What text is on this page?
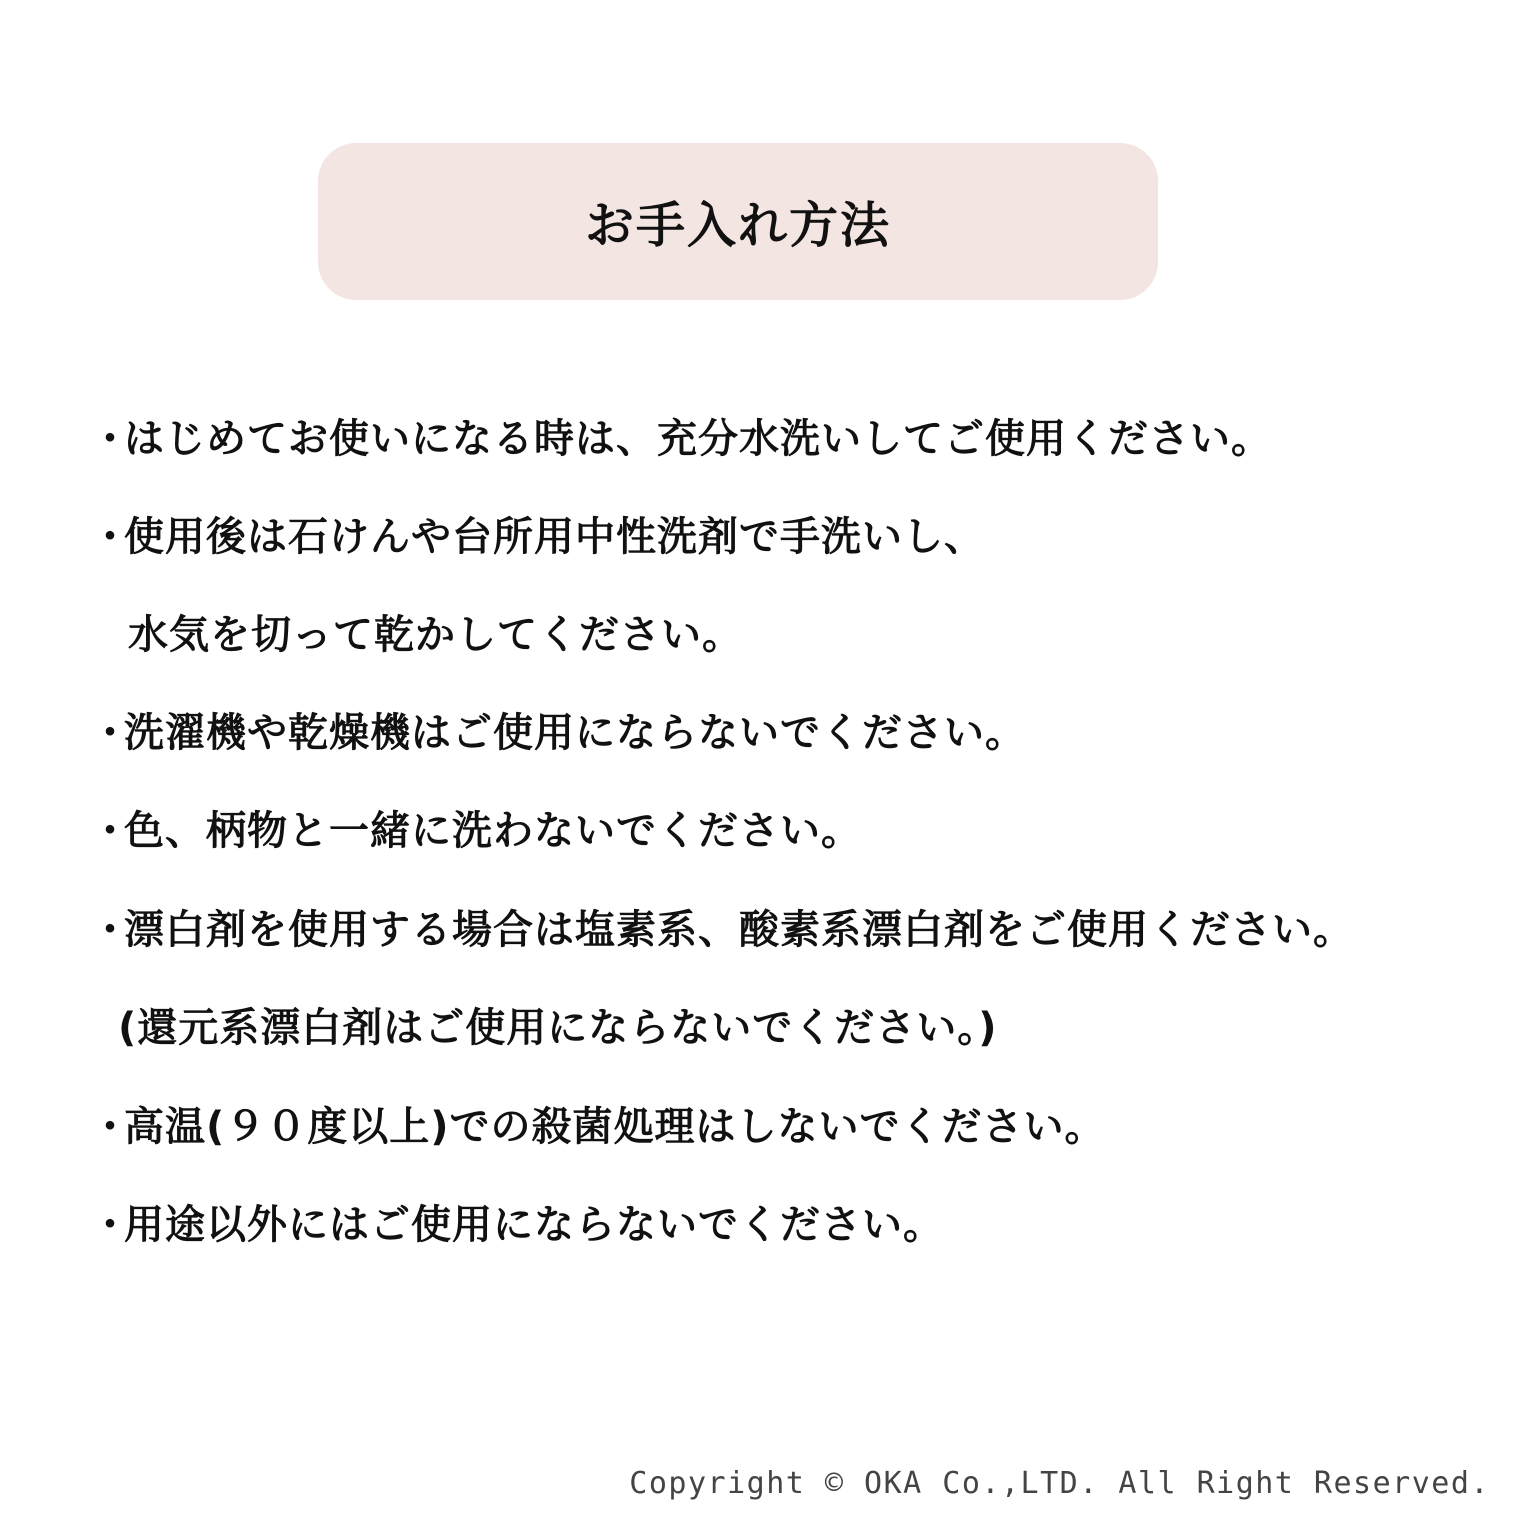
お手入れ方法
・はじめてお使いになる時は、充分水洗いしてご使用ください。
・使用後は石けんや台所用中性洗剤で手洗いし、
水気を切って乾かしてください。
・洗濯機や乾燥機はご使用にならないでください。
・色、柄物と一緒に洗わないでください。
・漂白剤を使用する場合は塩素系、酸素系漂白剤をご使用ください。
(還元系漂白剤はご使用にならないでください。)
・高温(９０度以上)での殺菌処理はしないでください。
・用途以外にはご使用にならないでください。
Copyright © OKA Co.,LTD. All Right Reserved.
